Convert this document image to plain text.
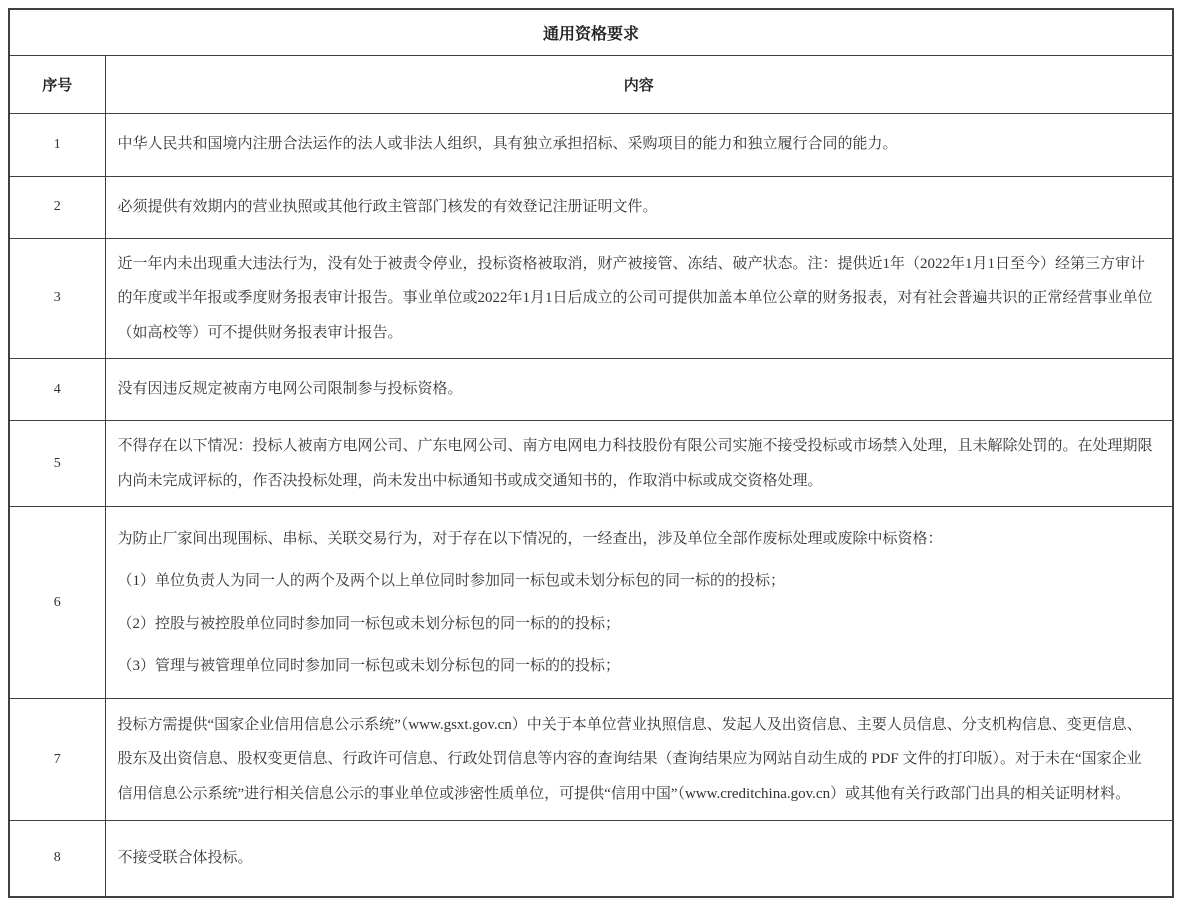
通用资格要求	
序号	内容
1	中华人民共和国境内注册合法运作的法人或非法人组织，具有独立承担招标、采购项目的能力和独立履行合同的能力。

2	必须提供有效期内的营业执照或其他行政主管部门核发的有效登记注册证明文件。

3	近一年内未出现重大违法行为，没有处于被责令停业，投标资格被取消，财产被接管、冻结、破产状态。注：提供近1年（2022年1月1日至今）经第三方审计的年度或半年报或季度财务报表审计报告。事业单位或2022年1月1日后成立的公司可提供加盖本单位公章的财务报表，对有社会普遍共识的正常经营事业单位（如高校等）可不提供财务报表审计报告。

4	没有因违反规定被南方电网公司限制参与投标资格。

5	不得存在以下情况：投标人被南方电网公司、广东电网公司、南方电网电力科技股份有限公司实施不接受投标或市场禁入处理，且未解除处罚的。在处理期限内尚未完成评标的，作否决投标处理，尚未发出中标通知书或成交通知书的，作取消中标或成交资格处理。

6	为防止厂家间出现围标、串标、关联交易行为，对于存在以下情况的，一经查出，涉及单位全部作废标处理或废除中标资格：

（1）单位负责人为同一人的两个及两个以上单位同时参加同一标包或未划分标包的同一标的的投标；

（2）控股与被控股单位同时参加同一标包或未划分标包的同一标的的投标；

（3）管理与被管理单位同时参加同一标包或未划分标包的同一标的的投标；

7	投标方需提供“国家企业信用信息公示系统”（www.gsxt.gov.cn）中关于本单位营业执照信息、发起人及出资信息、主要人员信息、分支机构信息、变更信息、股东及出资信息、股权变更信息、行政许可信息、行政处罚信息等内容的查询结果（查询结果应为网站自动生成的 PDF 文件的打印版）。对于未在“国家企业信用信息公示系统”进行相关信息公示的事业单位或涉密性质单位，可提供“信用中国”（www.creditchina.gov.cn）或其他有关行政部门出具的相关证明材料。

8	不接受联合体投标。
